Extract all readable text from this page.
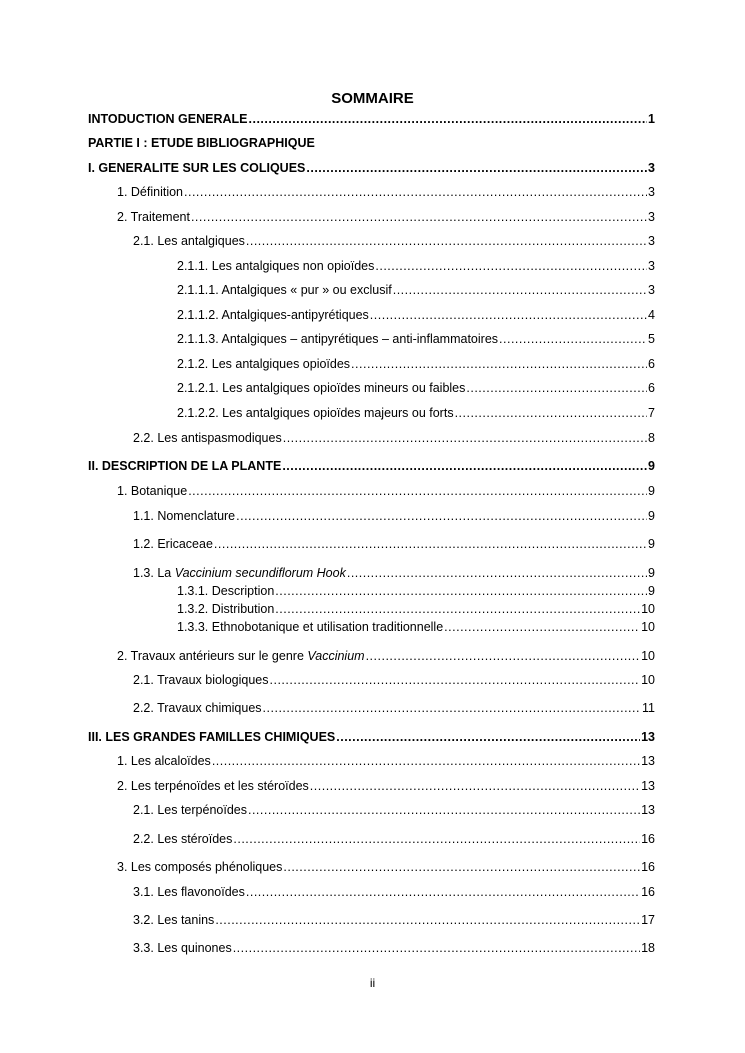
SOMMAIRE
INTODUCTION GENERALE .....	1
PARTIE I : ETUDE BIBLIOGRAPHIQUE
I. GENERALITE SUR LES COLIQUES .....	3
1. Définition .....	3
2. Traitement .....	3
2.1. Les antalgiques .....	3
2.1.1. Les antalgiques non opioïdes .....	3
2.1.1.1. Antalgiques « pur » ou exclusif .....	3
2.1.1.2. Antalgiques-antipyrétiques .....	4
2.1.1.3. Antalgiques – antipyrétiques – anti-inflammatoires .....	5
2.1.2. Les antalgiques opioïdes .....	6
2.1.2.1. Les antalgiques opioïdes mineurs ou faibles .....	6
2.1.2.2. Les antalgiques opioïdes majeurs ou forts .....	7
2.2. Les antispasmodiques .....	8
II. DESCRIPTION DE LA PLANTE .....	9
1. Botanique .....	9
1.1. Nomenclature .....	9
1.2. Ericaceae .....	9
1.3. La Vaccinium secundiflorum Hook .....	9
1.3.1. Description .....	9
1.3.2. Distribution .....	10
1.3.3. Ethnobotanique et utilisation traditionnelle .....	10
2. Travaux antérieurs sur le genre Vaccinium .....	10
2.1. Travaux biologiques .....	10
2.2. Travaux chimiques .....	11
III. LES GRANDES FAMILLES CHIMIQUES .....	13
1. Les alcaloïdes .....	13
2. Les terpénoïdes et les stéroïdes .....	13
2.1. Les terpénoïdes .....	13
2.2. Les stéroïdes .....	16
3. Les composés phénoliques .....	16
3.1. Les flavonoïdes .....	16
3.2. Les tanins .....	17
3.3. Les quinones .....	18
ii
